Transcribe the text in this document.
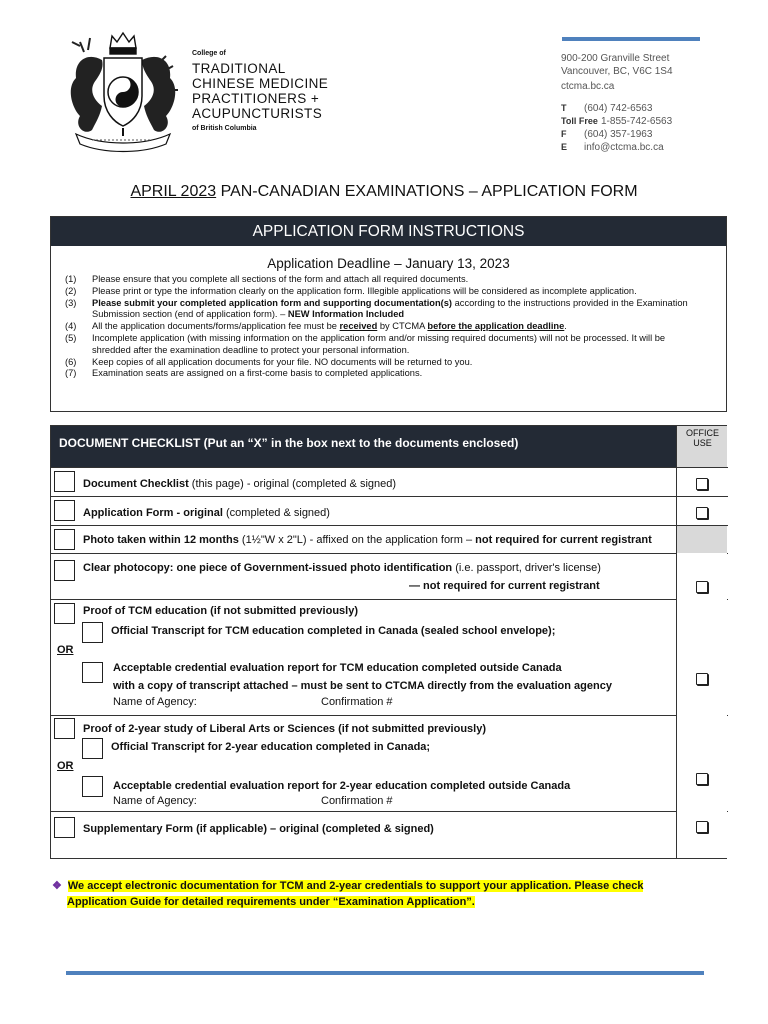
College of
TRADITIONAL
CHINESE MEDICINE
PRACTITIONERS +
ACUPUNCTURISTS
of British Columbia
900-200 Granville Street
Vancouver, BC, V6C 1S4
ctcma.bc.ca
T	(604) 742-6563
Toll Free 1-855-742-6563
F	(604) 357-1963
E	info@ctcma.bc.ca
APRIL 2023 PAN-CANADIAN EXAMINATIONS – APPLICATION FORM
APPLICATION FORM INSTRUCTIONS
Application Deadline – January 13, 2023
(1)	Please ensure that you complete all sections of the form and attach all required documents.
(2)	Please print or type the information clearly on the application form. Illegible applications will be considered as incomplete application.
(3)	Please submit your completed application form and supporting documentation(s) according to the instructions provided in the Examination Submission section (end of application form). – NEW Information Included
(4)	All the application documents/forms/application fee must be received by CTCMA before the application deadline.
(5)	Incomplete application (with missing information on the application form and/or missing required documents) will not be processed. It will be shredded after the examination deadline to protect your personal information.
(6)	Keep copies of all application documents for your file. NO documents will be returned to you.
(7)	Examination seats are assigned on a first-come basis to completed applications.
OFFICE USE
DOCUMENT CHECKLIST (Put an “X” in the box next to the documents enclosed)
Document Checklist (this page) - original (completed & signed)
Application Form - original (completed & signed)
Photo taken within 12 months (1½"W x 2"L) - affixed on the application form – not required for current registrant
Clear photocopy: one piece of Government-issued photo identification (i.e. passport, driver's license)
— not required for current registrant
Proof of TCM education (if not submitted previously)
Official Transcript for TCM education completed in Canada (sealed school envelope);
OR
Acceptable credential evaluation report for TCM education completed outside Canada
with a copy of transcript attached – must be sent to CTCMA directly from the evaluation agency
Name of Agency:	Confirmation #
Proof of 2-year study of Liberal Arts or Sciences (if not submitted previously)
Official Transcript for 2-year education completed in Canada;
OR
Acceptable credential evaluation report for 2-year education completed outside Canada
Name of Agency:	Confirmation #
Supplementary Form (if applicable) – original (completed & signed)
❖ We accept electronic documentation for TCM and 2-year credentials to support your application. Please check
Application Guide for detailed requirements under “Examination Application”.
